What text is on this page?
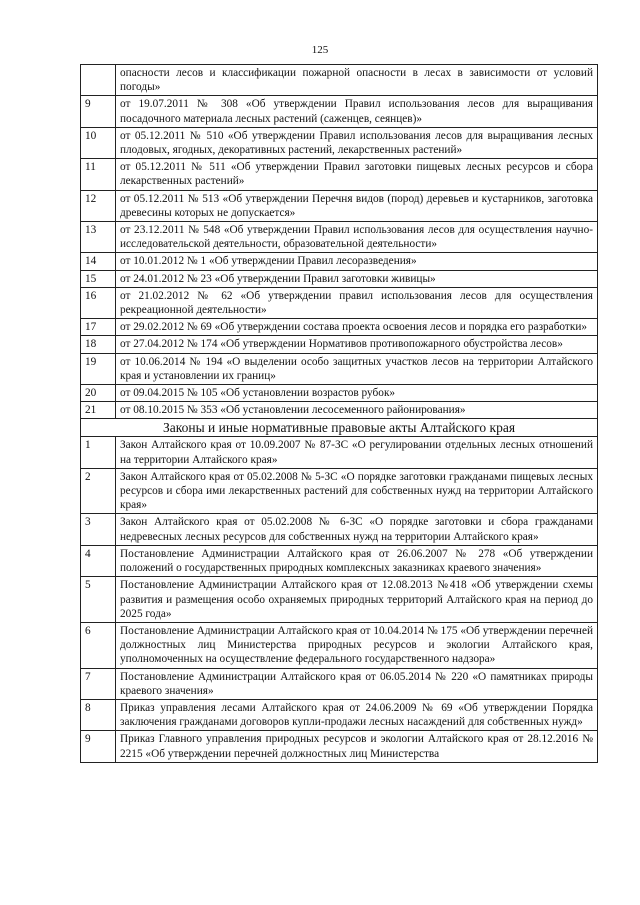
125
	опасности лесов и классификации пожарной опасности в лесах в зависимости от условий погоды»
9	от 19.07.2011 № 308 «Об утверждении Правил использования лесов для выращивания посадочного материала лесных растений (саженцев, сеянцев)»
10	от 05.12.2011 № 510 «Об утверждении Правил использования лесов для выращивания лесных плодовых, ягодных, декоративных растений, лекарственных растений»
11	от 05.12.2011 № 511 «Об утверждении Правил заготовки пищевых лесных ресурсов и сбора лекарственных растений»
12	от 05.12.2011 № 513 «Об утверждении Перечня видов (пород) деревьев и кустарников, заготовка древесины которых не допускается»
13	от 23.12.2011 № 548 «Об утверждении Правил использования лесов для осуществления научно-исследовательской деятельности, образовательной деятельности»
14	от 10.01.2012 № 1 «Об утверждении Правил лесоразведения»
15	от 24.01.2012 № 23 «Об утверждении Правил заготовки живицы»
16	от 21.02.2012 № 62 «Об утверждении правил использования лесов для осуществления рекреационной деятельности»
17	от 29.02.2012 № 69 «Об утверждении состава проекта освоения лесов и порядка его разработки»
18	от 27.04.2012 № 174 «Об утверждении Нормативов противопожарного обустройства лесов»
19	от 10.06.2014 № 194 «О выделении особо защитных участков лесов на территории Алтайского края и установлении их границ»
20	от 09.04.2015 № 105 «Об установлении возрастов рубок»
21	от 08.10.2015 № 353 «Об установлении лесосеменного районирования»
Законы и иные нормативные правовые акты Алтайского края	
1	Закон Алтайского края от 10.09.2007 № 87-ЗС «О регулировании отдельных лесных отношений на территории Алтайского края»
2	Закон Алтайского края от 05.02.2008 № 5-ЗС «О порядке заготовки гражданами пищевых лесных ресурсов и сбора ими лекарственных растений для собственных нужд на территории Алтайского края»
3	Закон Алтайского края от 05.02.2008 № 6-ЗС «О порядке заготовки и сбора гражданами недревесных лесных ресурсов для собственных нужд на территории Алтайского края»
4	Постановление Администрации Алтайского края от 26.06.2007 № 278 «Об утверждении положений о государственных природных комплексных заказниках краевого значения»
5	Постановление Администрации Алтайского края от 12.08.2013 №418 «Об утверждении схемы развития и размещения особо охраняемых природных территорий Алтайского края на период до 2025 года»
6	Постановление Администрации Алтайского края от 10.04.2014 № 175 «Об утверждении перечней должностных лиц Министерства природных ресурсов и экологии Алтайского края, уполномоченных на осуществление федерального государственного надзора»
7	Постановление Администрации Алтайского края от 06.05.2014 № 220 «О памятниках природы краевого значения»
8	Приказ управления лесами Алтайского края от 24.06.2009 № 69 «Об утверждении Порядка заключения гражданами договоров купли-продажи лесных насаждений для собственных нужд»
9	Приказ Главного управления природных ресурсов и экологии Алтайского края от 28.12.2016 № 2215 «Об утверждении перечней должностных лиц Министерства
